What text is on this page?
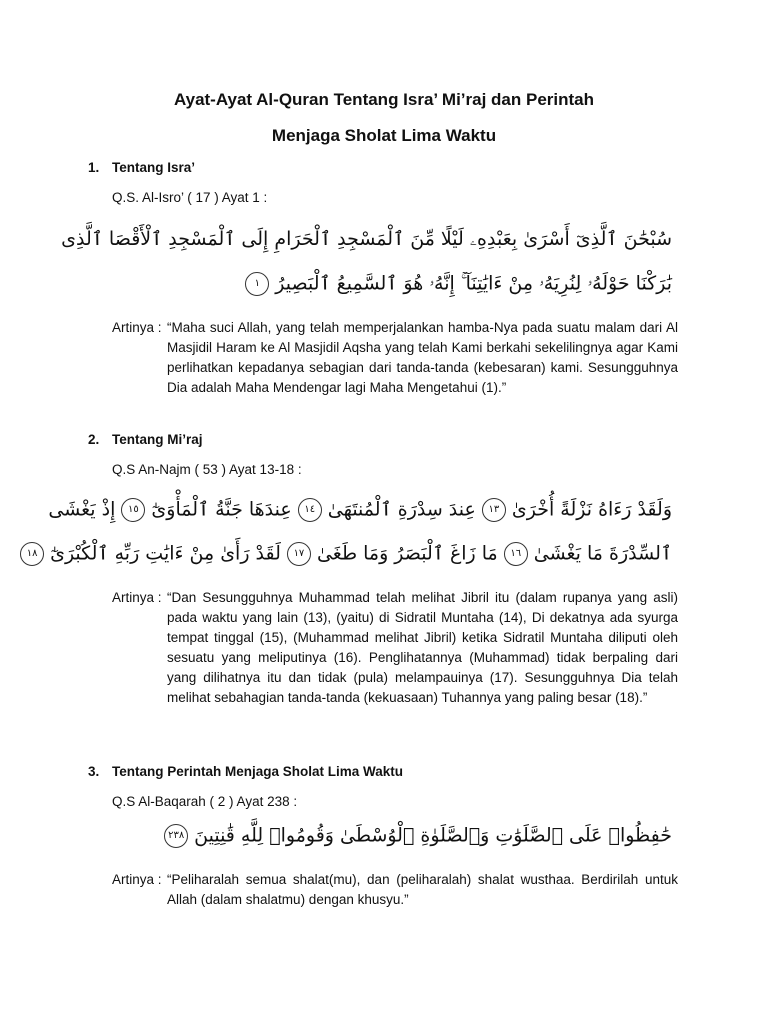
Ayat-Ayat Al-Quran Tentang Isra’ Mi’raj dan Perintah
Menjaga Sholat Lima Waktu
1. Tentang Isra’
Q.S. Al-Isro’ ( 17 ) Ayat 1 :
سُبْحَٰنَ ٱلَّذِىٓ أَسْرَىٰ بِعَبْدِهِۦ لَيْلًا مِّنَ ٱلْمَسْجِدِ ٱلْحَرَامِ إِلَى ٱلْمَسْجِدِ ٱلْأَقْصَا ٱلَّذِى
بَٰرَكْنَا حَوْلَهُۥ لِنُرِيَهُۥ مِنْ ءَايَٰتِنَآ ۚ إِنَّهُۥ هُوَ ٱلسَّمِيعُ ٱلْبَصِيرُ١
Artinya : “Maha suci Allah, yang telah memperjalankan hamba-Nya pada suatu malam dari Al Masjidil Haram ke Al Masjidil Aqsha yang telah Kami berkahi sekelilingnya agar Kami perlihatkan kepadanya sebagian dari tanda-tanda (kebesaran) kami. Sesungguhnya Dia adalah Maha Mendengar lagi Maha Mengetahui (1).”
2. Tentang Mi’raj
Q.S An-Najm ( 53 ) Ayat 13-18 :
وَلَقَدْ رَءَاهُ نَزْلَةً أُخْرَىٰ١٣عِندَ سِدْرَةِ ٱلْمُنتَهَىٰ١٤عِندَهَا جَنَّةُ ٱلْمَأْوَىٰٓ١٥إِذْ يَغْشَى
ٱلسِّدْرَةَ مَا يَغْشَىٰ١٦مَا زَاغَ ٱلْبَصَرُ وَمَا طَغَىٰ١٧لَقَدْ رَأَىٰ مِنْ ءَايَٰتِ رَبِّهِ ٱلْكُبْرَىٰٓ١٨
Artinya : “Dan Sesungguhnya Muhammad telah melihat Jibril itu (dalam rupanya yang asli) pada waktu yang lain (13), (yaitu) di Sidratil Muntaha (14), Di dekatnya ada syurga tempat tinggal (15), (Muhammad melihat Jibril) ketika Sidratil Muntaha diliputi oleh sesuatu yang meliputinya (16). Penglihatannya (Muhammad) tidak berpaling dari yang dilihatnya itu dan tidak (pula) melampauinya (17). Sesungguhnya Dia telah melihat sebahagian tanda-tanda (kekuasaan) Tuhannya yang paling besar (18).”
3. Tentang Perintah Menjaga Sholat Lima Waktu
Q.S Al-Baqarah ( 2 ) Ayat 238 :
حَٰفِظُوا۟ عَلَى ٱلصَّلَوَٰتِ وَٱلصَّلَوٰةِ ٱلْوُسْطَىٰ وَقُومُوا۟ لِلَّهِ قَٰنِتِينَ٢٣٨
Artinya : “Peliharalah semua shalat(mu), dan (peliharalah) shalat wusthaa. Berdirilah untuk Allah (dalam shalatmu) dengan khusyu.”
